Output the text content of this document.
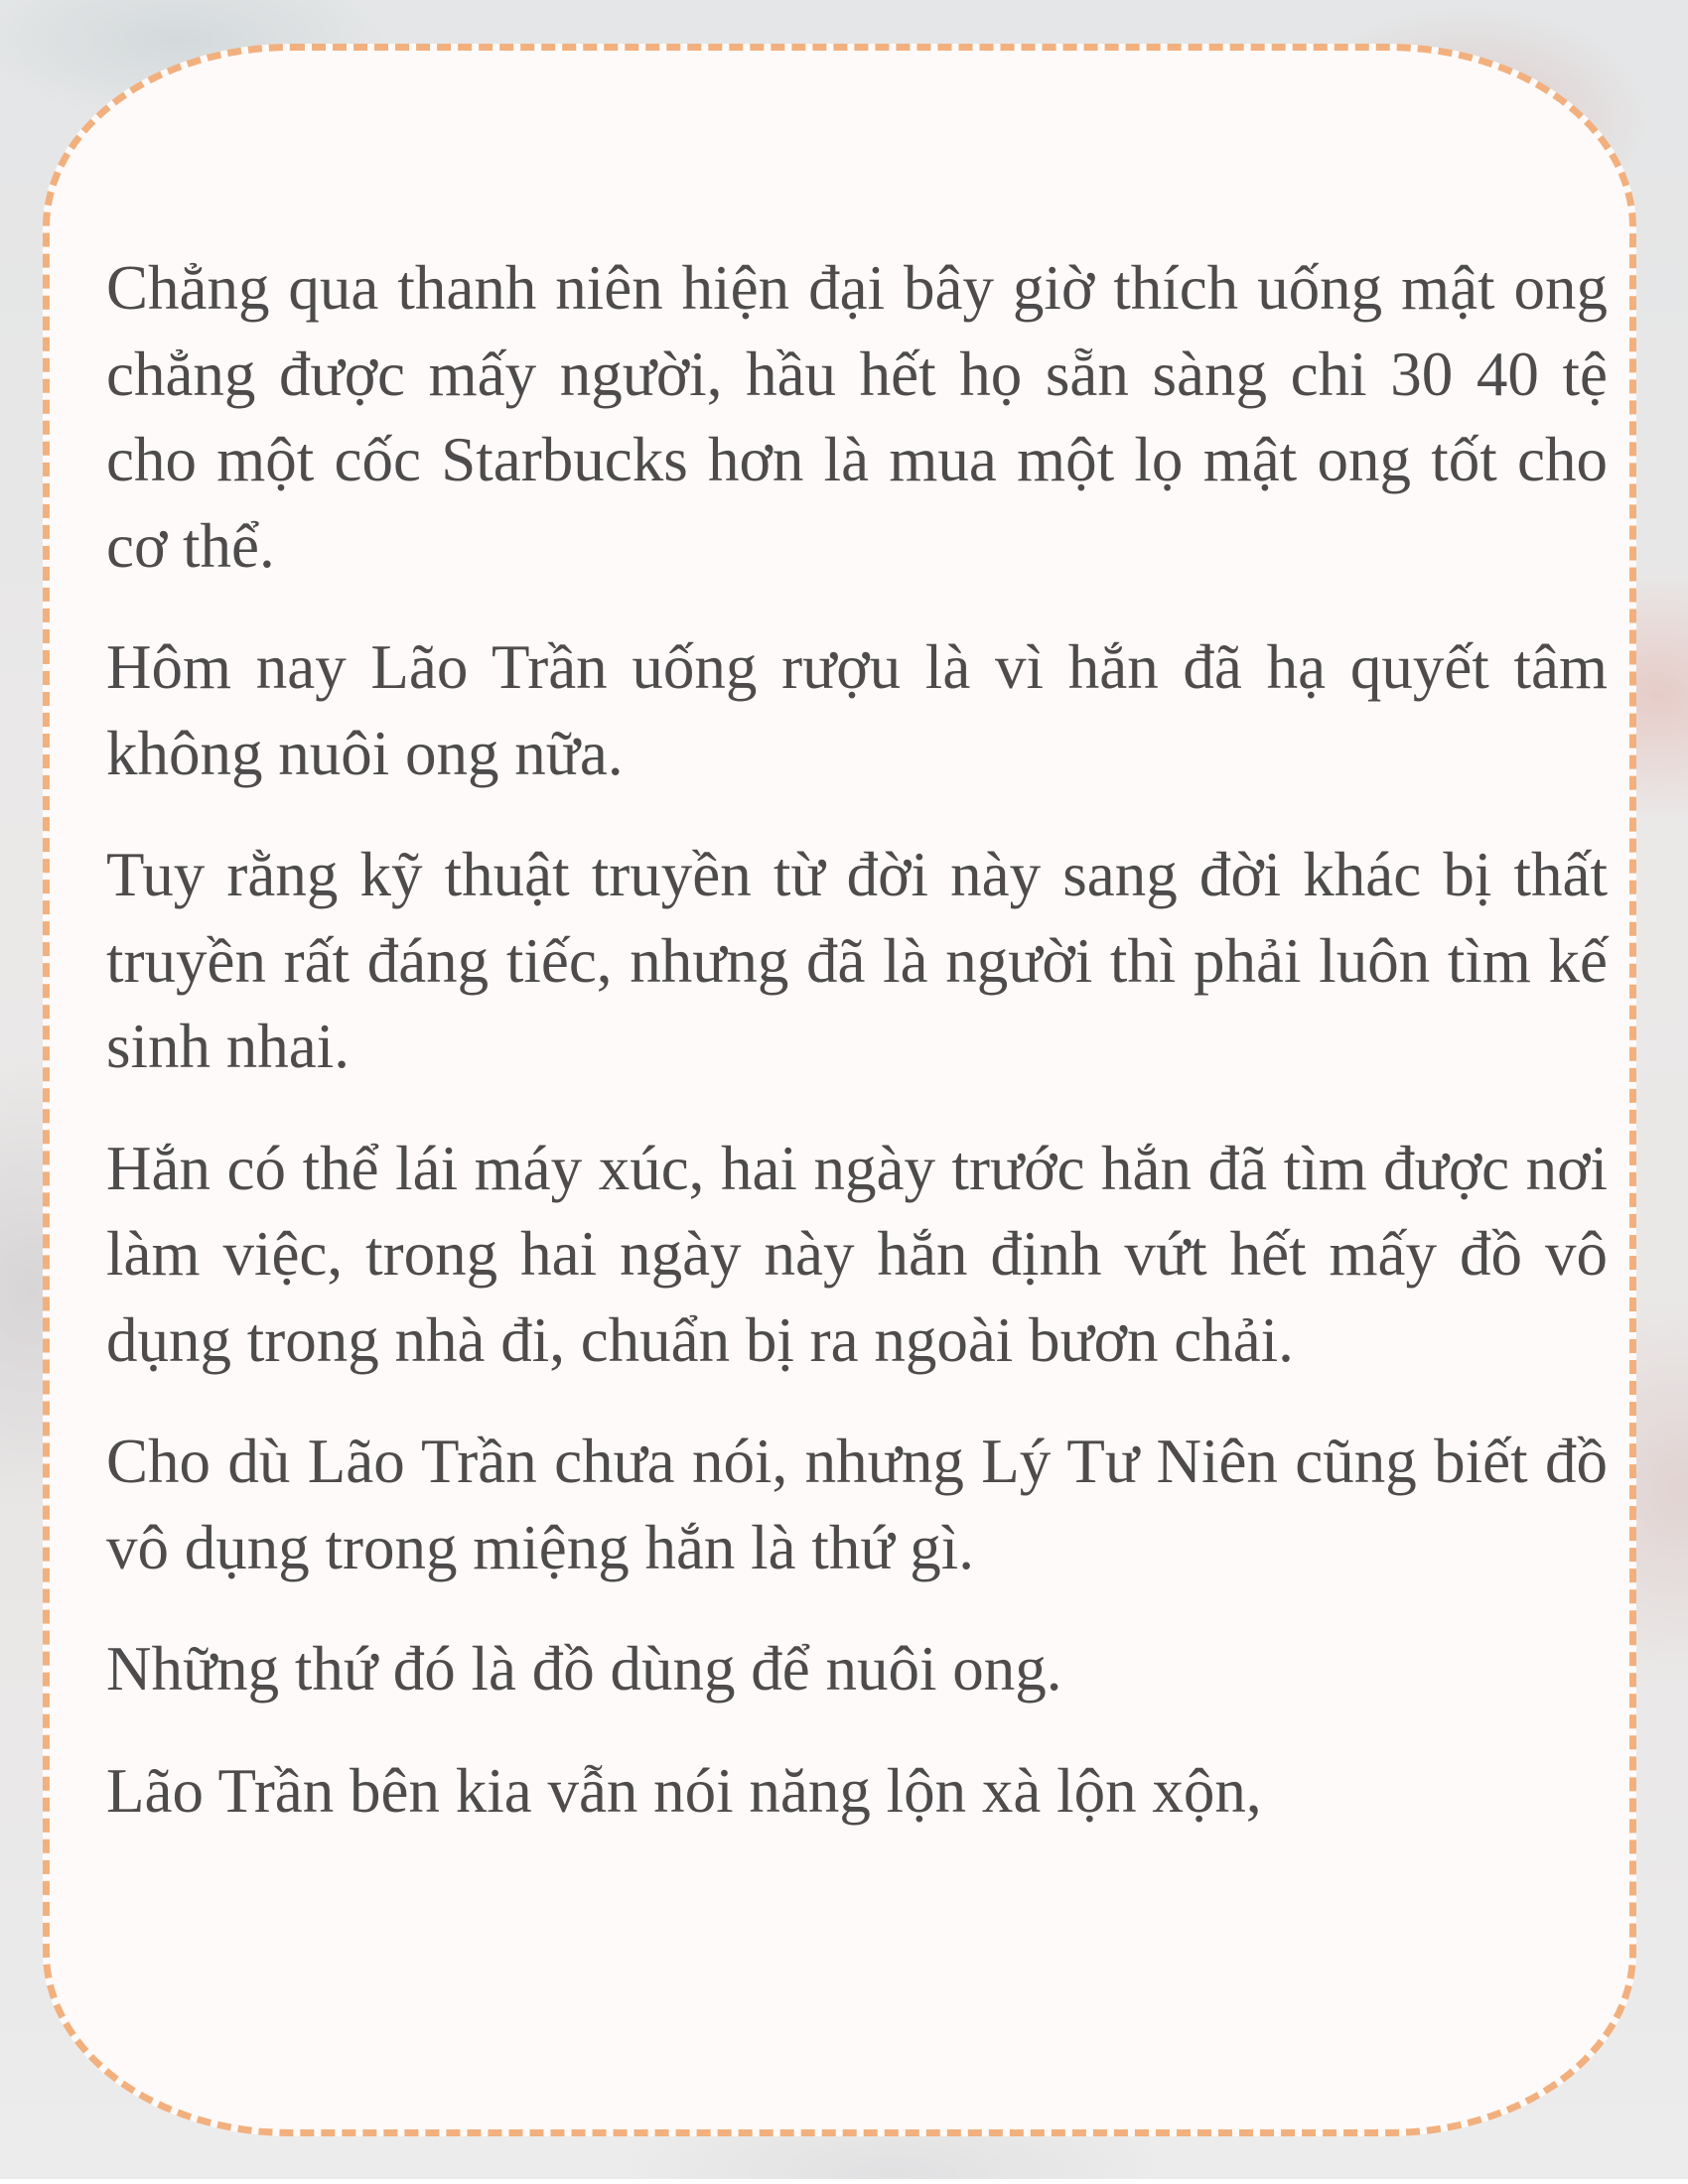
Chẳng qua thanh niên hiện đại bây giờ thích uống mật ong chẳng được mấy người, hầu hết họ sẵn sàng chi 30 40 tệ cho một cốc Starbucks hơn là mua một lọ mật ong tốt cho cơ thể.

Hôm nay Lão Trần uống rượu là vì hắn đã hạ quyết tâm không nuôi ong nữa.

Tuy rằng kỹ thuật truyền từ đời này sang đời khác bị thất truyền rất đáng tiếc, nhưng đã là người thì phải luôn tìm kế sinh nhai.

Hắn có thể lái máy xúc, hai ngày trước hắn đã tìm được nơi làm việc, trong hai ngày này hắn định vứt hết mấy đồ vô dụng trong nhà đi, chuẩn bị ra ngoài bươn chải.

Cho dù Lão Trần chưa nói, nhưng Lý Tư Niên cũng biết đồ vô dụng trong miệng hắn là thứ gì.

Những thứ đó là đồ dùng để nuôi ong.

Lão Trần bên kia vẫn nói năng lộn xà lộn xộn,
